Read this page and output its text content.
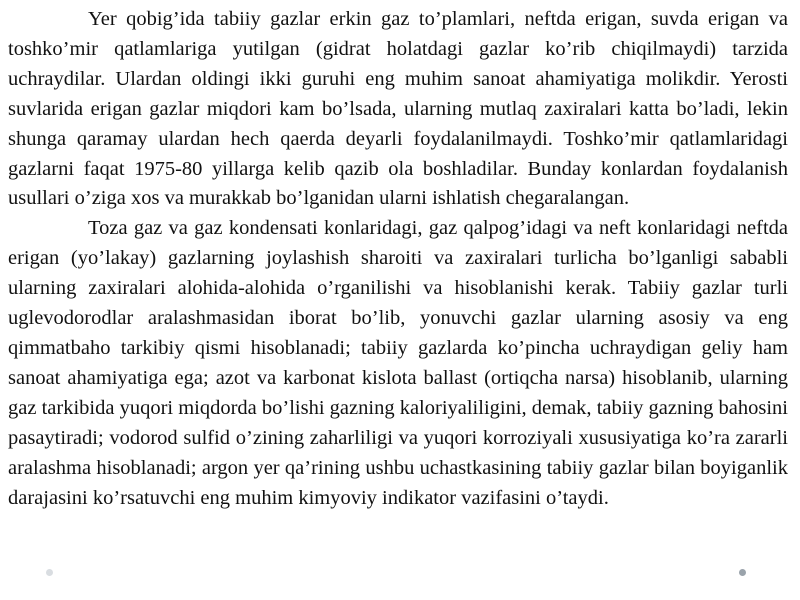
Yer qobig’ida tabiiy gazlar erkin gaz to’plamlari, neftda erigan, suvda erigan va toshko’mir qatlamlariga yutilgan (gidrat holatdagi gazlar ko’rib chiqilmaydi) tarzida uchraydilar. Ulardan oldingi ikki guruhi eng muhim sanoat ahamiyatiga molikdir. Yerosti suvlarida erigan gazlar miqdori kam bo’lsada, ularning mutlaq zaxiralari katta bo’ladi, lekin shunga qaramay ulardan hech qaerda deyarli foydalanilmaydi. Toshko’mir qatlamlaridagi gazlarni faqat 1975-80 yillarga kelib qazib ola boshladilar. Bunday konlardan foydalanish usullari o’ziga xos va murakkab bo’lganidan ularni ishlatish chegaralangan.

Toza gaz va gaz kondensati konlaridagi, gaz qalpog’idagi va neft konlaridagi neftda erigan (yo’lakay) gazlarning joylashish sharoiti va zaxiralari turlicha bo’lganligi sababli ularning zaxiralari alohida-alohida o’rganilishi va hisoblanishi kerak. Tabiiy gazlar turli uglevodorodlar aralashmasidan iborat bo’lib, yonuvchi gazlar ularning asosiy va eng qimmatbaho tarkibiy qismi hisoblanadi; tabiiy gazlarda ko’pincha uchraydigan geliy ham sanoat ahamiyatiga ega; azot va karbonat kislota ballast (ortiqcha narsa) hisoblanib, ularning gaz tarkibida yuqori miqdorda bo’lishi gazning kaloriyaliligini, demak, tabiiy gazning bahosini pasaytiradi; vodorod sulfid o’zining zaharliligi va yuqori korroziyali xususiyatiga ko’ra zararli aralashma hisoblanadi; argon yer qa’rining ushbu uchastkasining tabiiy gazlar bilan boyiganlik darajasini ko’rsatuvchi eng muhim kimyoviy indikator vazifasini o’taydi.
